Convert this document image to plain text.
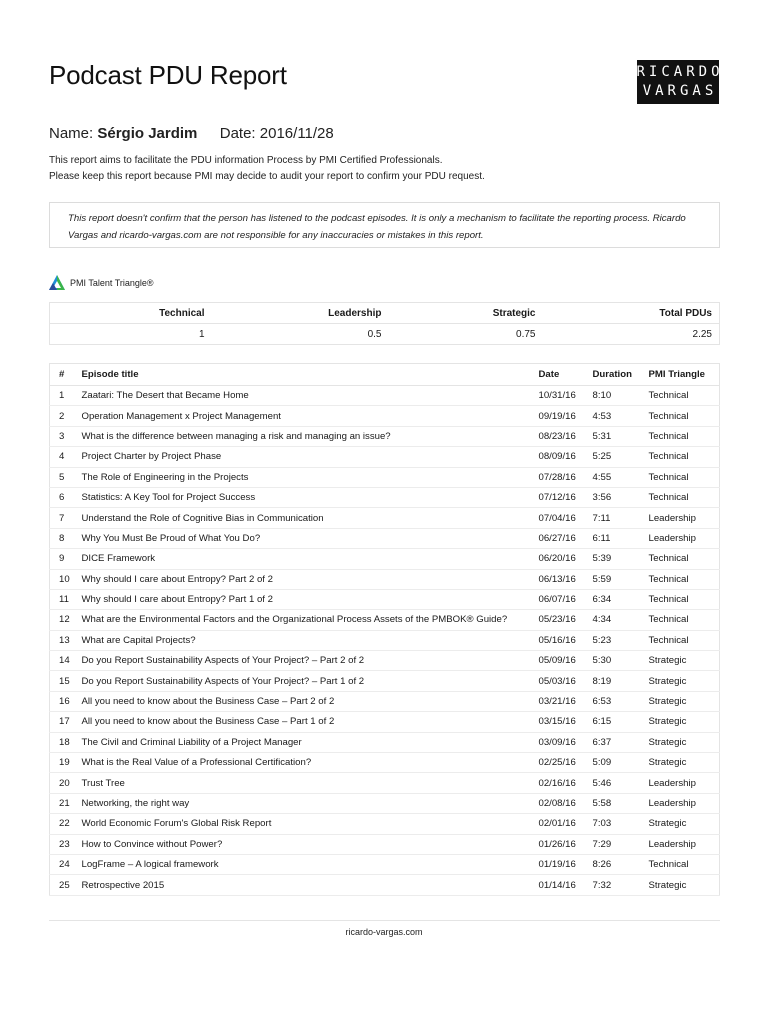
Podcast PDU Report	RICARDO
VARGAS
Name: Sérgio Jardim Date: 2016/11/28
This report aims to facilitate the PDU information Process by PMI Certified Professionals.
Please keep this report because PMI may decide to audit your report to confirm your PDU request.
This report doesn't confirm that the person has listened to the podcast episodes. It is only a mechanism to facilitate the reporting process. Ricardo Vargas and ricardo-vargas.com are not responsible for any inaccuracies or mistakes in this report.
PMI Talent Triangle®
Technical	Leadership	Strategic	Total PDUs
1	0.5	0.75	2.25
#	Episode title	Date	Duration	PMI Triangle
1	Zaatari: The Desert that Became Home	10/31/16	8:10	Technical
2	Operation Management x Project Management	09/19/16	4:53	Technical
3	What is the difference between managing a risk and managing an issue?	08/23/16	5:31	Technical
4	Project Charter by Project Phase	08/09/16	5:25	Technical
5	The Role of Engineering in the Projects	07/28/16	4:55	Technical
6	Statistics: A Key Tool for Project Success	07/12/16	3:56	Technical
7	Understand the Role of Cognitive Bias in Communication	07/04/16	7:11	Leadership
8	Why You Must Be Proud of What You Do?	06/27/16	6:11	Leadership
9	DICE Framework	06/20/16	5:39	Technical
10	Why should I care about Entropy? Part 2 of 2	06/13/16	5:59	Technical
11	Why should I care about Entropy? Part 1 of 2	06/07/16	6:34	Technical
12	What are the Environmental Factors and the Organizational Process Assets of the PMBOK® Guide?	05/23/16	4:34	Technical
13	What are Capital Projects?	05/16/16	5:23	Technical
14	Do you Report Sustainability Aspects of Your Project? – Part 2 of 2	05/09/16	5:30	Strategic
15	Do you Report Sustainability Aspects of Your Project? – Part 1 of 2	05/03/16	8:19	Strategic
16	All you need to know about the Business Case – Part 2 of 2	03/21/16	6:53	Strategic
17	All you need to know about the Business Case – Part 1 of 2	03/15/16	6:15	Strategic
18	The Civil and Criminal Liability of a Project Manager	03/09/16	6:37	Strategic
19	What is the Real Value of a Professional Certification?	02/25/16	5:09	Strategic
20	Trust Tree	02/16/16	5:46	Leadership
21	Networking, the right way	02/08/16	5:58	Leadership
22	World Economic Forum's Global Risk Report	02/01/16	7:03	Strategic
23	How to Convince without Power?	01/26/16	7:29	Leadership
24	LogFrame – A logical framework	01/19/16	8:26	Technical
25	Retrospective 2015	01/14/16	7:32	Strategic
ricardo-vargas.com
